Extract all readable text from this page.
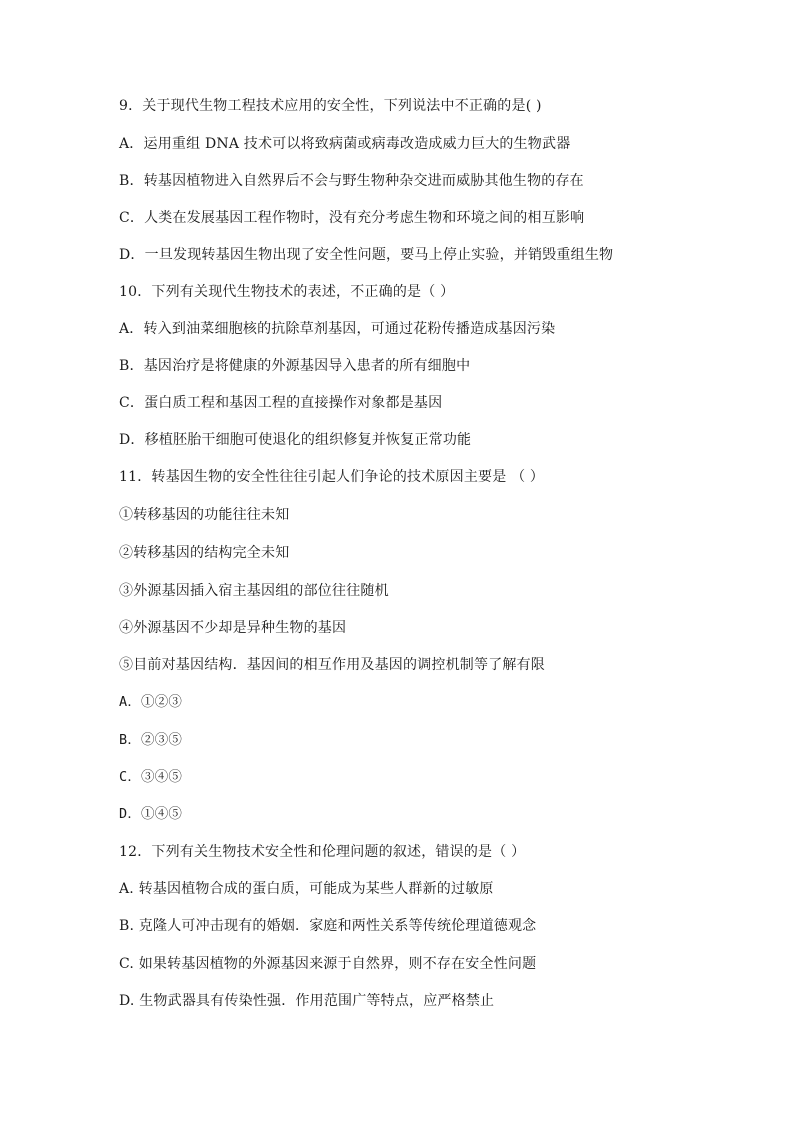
9．关于现代生物工程技术应用的安全性，下列说法中不正确的是( )
A．运用重组 DNA 技术可以将致病菌或病毒改造成威力巨大的生物武器
B．转基因植物进入自然界后不会与野生物种杂交进而威胁其他生物的存在
C．人类在发展基因工程作物时，没有充分考虑生物和环境之间的相互影响
D．一旦发现转基因生物出现了安全性问题，要马上停止实验，并销毁重组生物
10．下列有关现代生物技术的表述，不正确的是（ ）
A．转入到油菜细胞核的抗除草剂基因，可通过花粉传播造成基因污染
B．基因治疗是将健康的外源基因导入患者的所有细胞中
C．蛋白质工程和基因工程的直接操作对象都是基因
D．移植胚胎干细胞可使退化的组织修复并恢复正常功能
11．转基因生物的安全性往往引起人们争论的技术原因主要是 （ ）
①转移基因的功能往往未知
②转移基因的结构完全未知
③外源基因插入宿主基因组的部位往往随机
④外源基因不少却是异种生物的基因
⑤目前对基因结构．基因间的相互作用及基因的调控机制等了解有限
A．①②③
B．②③⑤
C．③④⑤
D．①④⑤
12．下列有关生物技术安全性和伦理问题的叙述，错误的是（ ）
A. 转基因植物合成的蛋白质，可能成为某些人群新的过敏原
B. 克隆人可冲击现有的婚姻．家庭和两性关系等传统伦理道德观念
C. 如果转基因植物的外源基因来源于自然界，则不存在安全性问题
D. 生物武器具有传染性强．作用范围广等特点，应严格禁止
